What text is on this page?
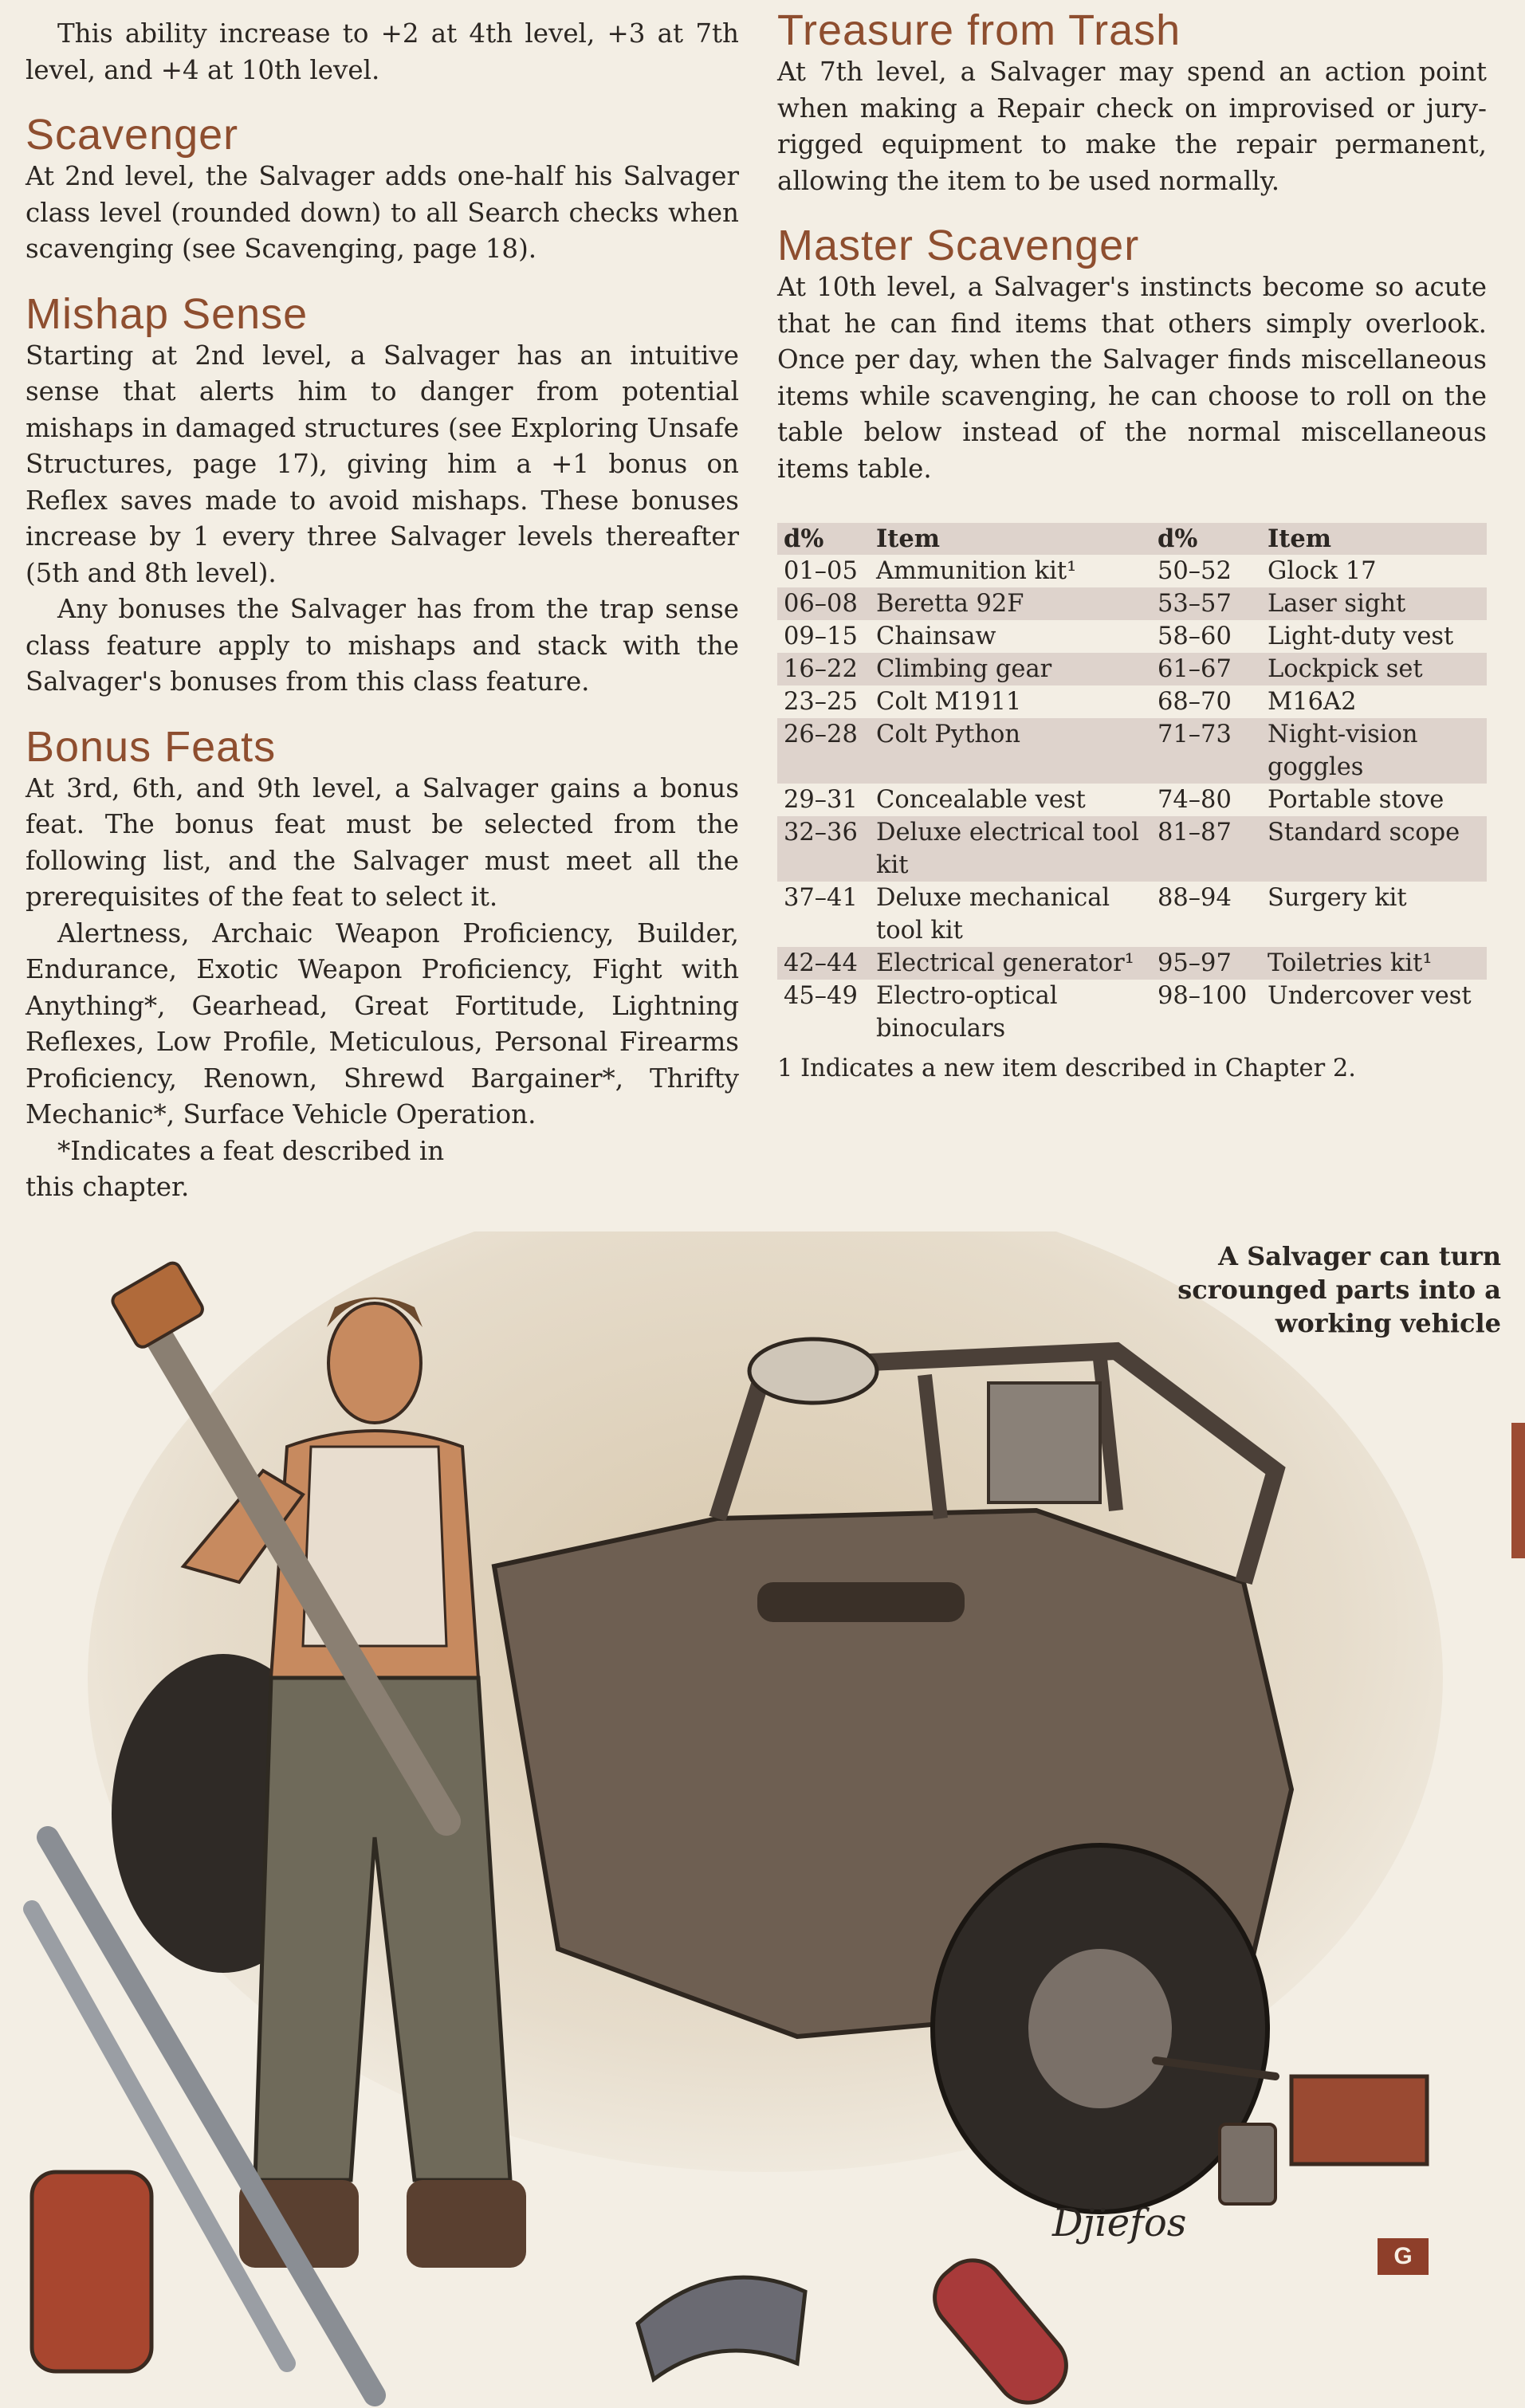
This ability increase to +2 at 4th level, +3 at 7th level, and +4 at 10th level.

Scavenger

At 2nd level, the Salvager adds one-half his Salvager class level (rounded down) to all Search checks when scavenging (see Scavenging, page 18).

Mishap Sense

Starting at 2nd level, a Salvager has an intuitive sense that alerts him to danger from potential mishaps in damaged structures (see Exploring Unsafe Structures, page 17), giving him a +1 bonus on Reflex saves made to avoid mishaps. These bonuses increase by 1 every three Salvager levels thereafter (5th and 8th level).

Any bonuses the Salvager has from the trap sense class feature apply to mishaps and stack with the Salvager's bonuses from this class feature.

Bonus Feats

At 3rd, 6th, and 9th level, a Salvager gains a bonus feat. The bonus feat must be selected from the following list, and the Salvager must meet all the prerequisites of the feat to select it.

Alertness, Archaic Weapon Proficiency, Builder, Endurance, Exotic Weapon Proficiency, Fight with Anything*, Gearhead, Great Fortitude, Lightning Reflexes, Low Profile, Meticulous, Personal Firearms Proficiency, Renown, Shrewd Bargainer*, Thrifty Mechanic*, Surface Vehicle Operation.

*Indicates a feat described in this chapter.

Treasure from Trash

At 7th level, a Salvager may spend an action point when making a Repair check on improvised or jury-rigged equipment to make the repair permanent, allowing the item to be used normally.

Master Scavenger

At 10th level, a Salvager's instincts become so acute that he can find items that others simply overlook. Once per day, when the Salvager finds miscellaneous items while scavenging, he can choose to roll on the table below instead of the normal miscellaneous items table.

d%	Item	d%	Item
01–05	Ammunition kit¹	50–52	Glock 17
06–08	Beretta 92F	53–57	Laser sight
09–15	Chainsaw	58–60	Light-duty vest
16–22	Climbing gear	61–67	Lockpick set
23–25	Colt M1911	68–70	M16A2
26–28	Colt Python	71–73	Night-vision goggles
29–31	Concealable vest	74–80	Portable stove
32–36	Deluxe electrical tool kit	81–87	Standard scope
37–41	Deluxe mechanical tool kit	88–94	Surgery kit
42–44	Electrical generator¹	95–97	Toiletries kit¹
45–49	Electro-optical binoculars	98–100	Undercover vest

1 Indicates a new item described in Chapter 2.

Djiefos
A Salvager can turn scrounged parts into a working vehicle
G
